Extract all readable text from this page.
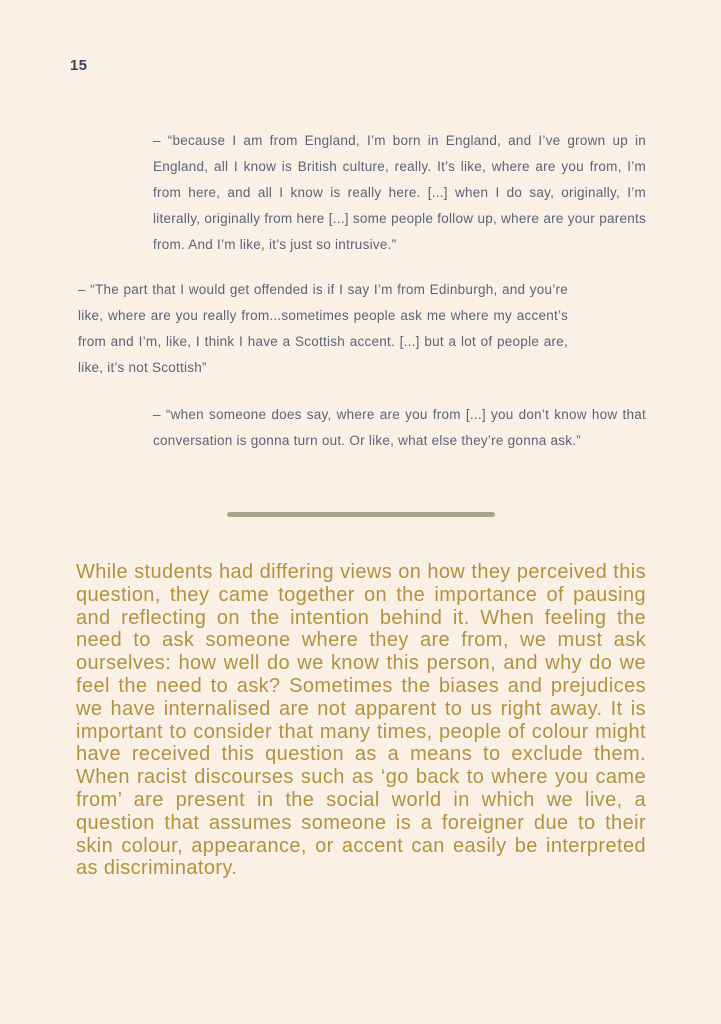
15
– “because I am from England, I’m born in England, and I’ve grown up in England, all I know is British culture, really. It’s like, where are you from, I’m from here, and all I know is really here. [...] when I do say, originally, I’m literally, originally from here [...] some people follow up, where are your parents from. And I’m like, it’s just so intrusive.”
– “The part that I would get offended is if I say I’m from Edinburgh, and you’re like, where are you really from...sometimes people ask me where my accent’s from and I’m, like, I think I have a Scottish accent. [...] but a lot of people are, like, it’s not Scottish”
– “when someone does say, where are you from [...] you don’t know how that conversation is gonna turn out. Or like, what else they’re gonna ask.”
While students had differing views on how they perceived this question, they came together on the importance of pausing and reflecting on the intention behind it. When feeling the need to ask someone where they are from, we must ask ourselves: how well do we know this person, and why do we feel the need to ask? Sometimes the biases and prejudices we have internalised are not apparent to us right away. It is important to consider that many times, people of colour might have received this question as a means to exclude them. When racist discourses such as ‘go back to where you came from’ are present in the social world in which we live, a question that assumes someone is a foreigner due to their skin colour, appearance, or accent can easily be interpreted as discriminatory.
